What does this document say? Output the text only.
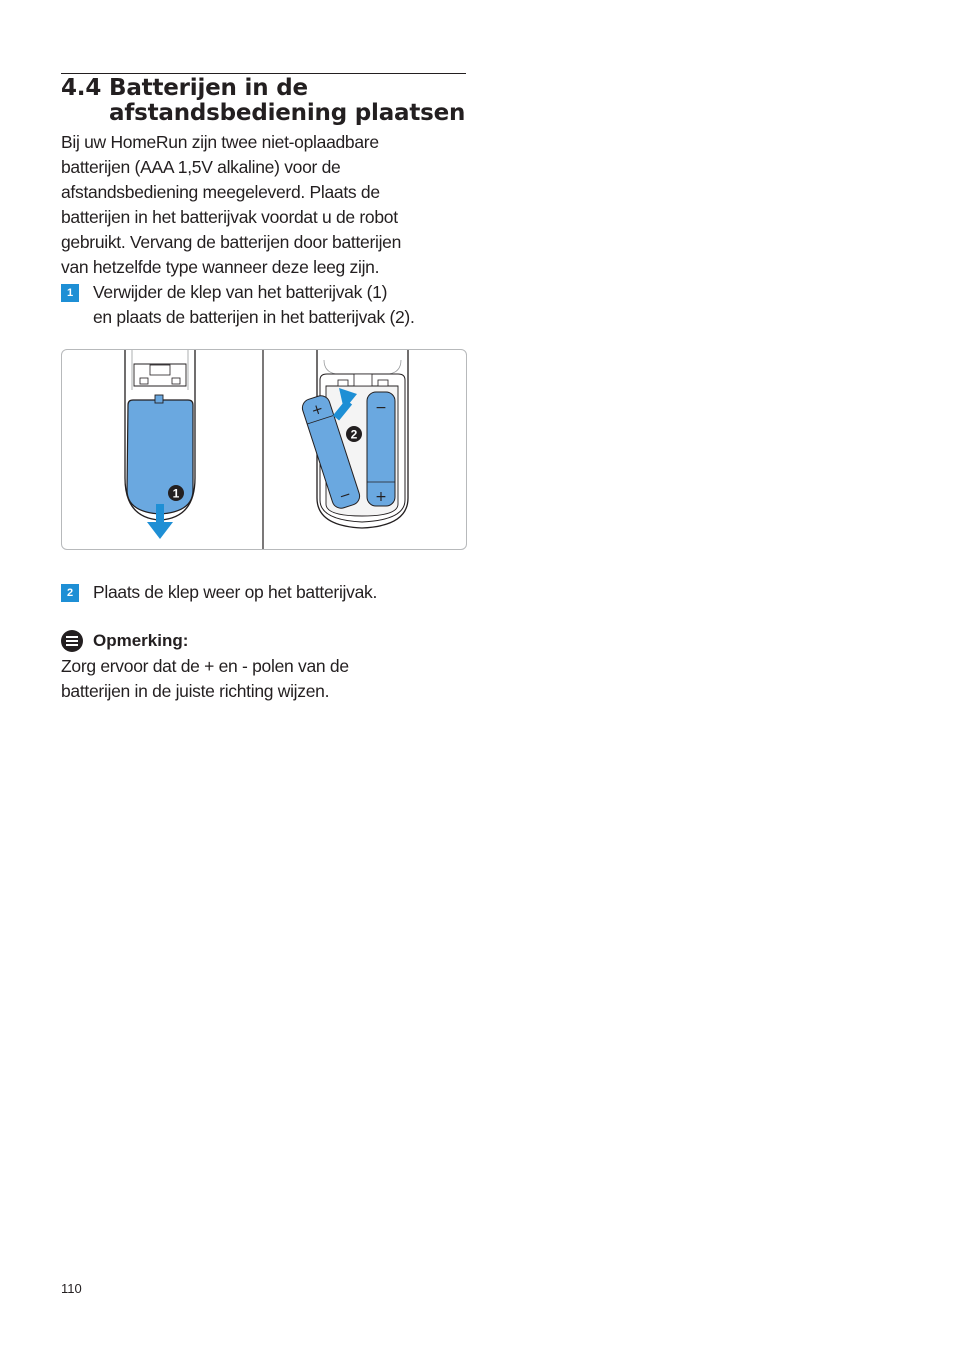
4.4 Batterijen in de
afstandsbediening plaatsen

Bij uw HomeRun zijn twee niet-oplaadbare
batterijen (AAA 1,5V alkaline) voor de
afstandsbediening meegeleverd. Plaats de
batterijen in het batterijvak voordat u de robot
gebruikt. Vervang de batterijen door batterijen
van hetzelfde type wanneer deze leeg zijn.

1	Verwijder de klep van het batterijvak (1)
en plaats de batterijen in het batterijvak (2).
1
−
+
+
−
2
2	Plaats de klep weer op het batterijvak.
Opmerking:

Zorg ervoor dat de + en - polen van de
batterijen in de juiste richting wijzen.

110
